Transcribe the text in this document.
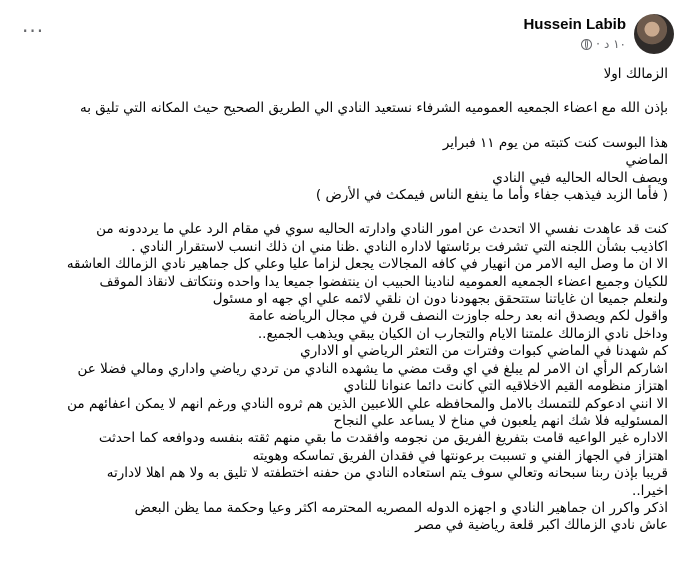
Hussein Labib
١٠ د
·
···

الزمالك اولا

بإذن الله مع اعضاء الجمعيه العموميه الشرفاء نستعيد النادي الي الطريق الصحيح حيث المكانه التي تليق به

هذا البوست كنت كتبته من يوم ١١ فبراير

الماضي

ويصف الحاله الحاليه فيي النادي

( فأما الزبد فيذهب جفاء وأما ما ينفع الناس فيمكث في الأرض )

كنت قد عاهدت نفسي الا اتحدث عن امور النادي وادارته الحاليه سوي في مقام الرد علي ما يرددونه من

اكاذيب بشأن اللجنه التي تشرفت برئاستها لاداره النادي .ظنا مني ان ذلك انسب لاستقرار النادي .

الا ان ما وصل اليه الامر من انهيار في كافه المجالات يجعل لزاما عليا وعلي كل جماهير نادي الزمالك العاشقه

للكيان وجميع اعضاء الجمعيه العموميه لنادينا الحبيب ان ينتفضوا جميعا يدا واحده ونتكاتف لانقاذ الموقف

ولنعلم جميعا ان غاياتنا ستتحقق بجهودنا دون ان نلقي لائمه علي اي جهه او مسئول

واقول لكم ويصدق انه بعد رحله جاوزت النصف قرن في مجال الرياضه عامة

وداخل نادي الزمالك علمتنا الايام والتجارب ان الكيان يبقي ويذهب الجميع..

كم شهدنا في الماضي كبوات وفترات من التعثر الرياضي او الاداري

اشاركم الرأي ان الامر لم يبلغ في اي وقت مضي ما يشهده النادي من تردي رياضي واداري ومالي فضلا عن

اهتزاز منظومه القيم الاخلاقيه التي كانت دائما عنوانا للنادي

الا انني ادعوكم للتمسك بالامل والمحافظه علي اللاعبين الذين هم ثروه النادي ورغم انهم لا يمكن اعفائهم من

المسئوليه فلا شك انهم يلعبون في مناخ لا يساعد علي النجاح

الاداره غير الواعيه قامت بتفريغ الفريق من نجومه وافقدت ما بقي منهم ثقته بنفسه ودوافعه كما احدثت

اهتزاز في الجهاز الفني و تسببت برعونتها في فقدان الفريق تماسكه وهويته

قريبا بإذن ربنا سبحانه وتعالي سوف يتم استعاده النادي من حفنه اختطفته لا تليق به ولا هم اهلا لادارته

اخيرا..

اذكر واكرر ان جماهير النادي و اجهزه الدوله المصريه المحترمه اكثر وعيا وحكمة مما يظن البعض

عاش نادي الزمالك اكبر قلعة رياضية في مصر
